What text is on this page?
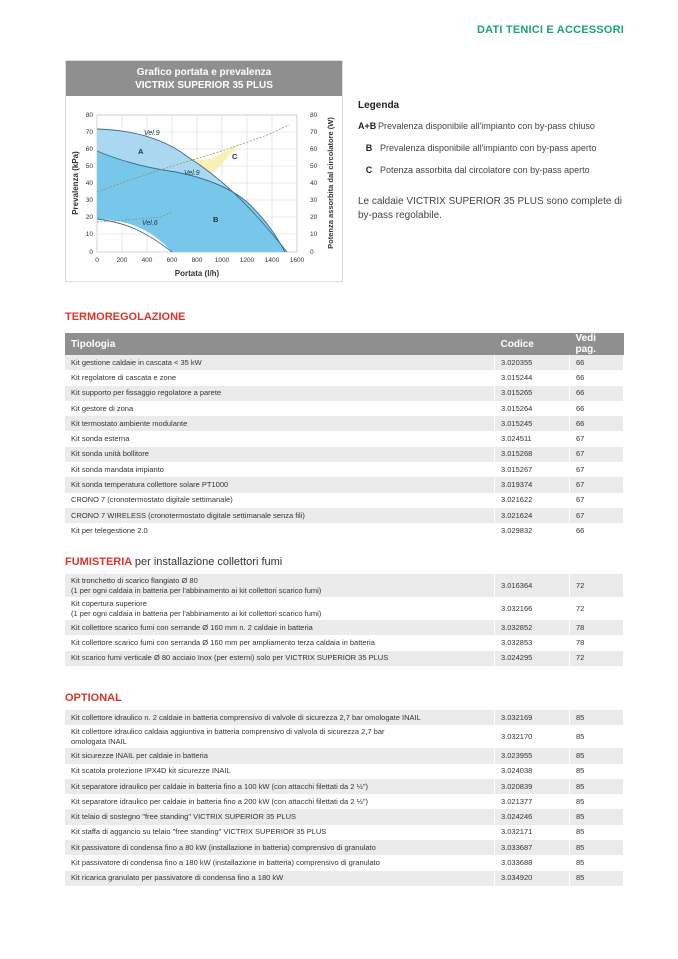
DATI TENICI E ACCESSORI
Grafico portata e prevalenza
VICTRIX SUPERIOR 35 PLUS
Vel.9
Vel.9
Vel.6
A
B
C
80
70
60
50
40
30
20
10
0
80
70
60
50
40
30
20
10
0
0	200 400 600 800 1000 1200 1400 1600
Portata (l/h)
Prevalenza (kPa)	Potenza assorbita dal circolatore (W)
Legenda
A+B Prevalenza disponibile all'impianto con by-pass chiuso
B Prevalenza disponibile all'impianto con by-pass aperto
C Potenza assorbita dal circolatore con by-pass aperto
Le caldaie VICTRIX SUPERIOR 35 PLUS sono complete di by-pass regolabile.
TERMOREGOLAZIONE
Tipologia	Codice	Vedi pag.
Kit gestione caldaie in cascata < 35 kW	3.020355	66
Kit regolatore di cascata e zone	3.015244	66
Kit supporto per fissaggio regolatore a parete	3.015265	66
Kit gestore di zona	3.015264	66
Kit termostato ambiente modulante	3.015245	66
Kit sonda esterna	3.024511	67
Kit sonda unità bollitore	3.015268	67
Kit sonda mandata impianto	3.015267	67
Kit sonda temperatura collettore solare PT1000	3.019374	67
CRONO 7 (cronotermostato digitale settimanale)	3.021622	67
CRONO 7 WIRELESS (cronotermostato digitale settimanale senza fili)	3.021624	67
Kit per telegestione 2.0	3.029832	66
FUMISTERIA per installazione collettori fumi
Kit tronchetto di scarico flangiato Ø 80
(1 per ogni caldaia in batteria per l'abbinamento ai kit collettori scarico fumi)	3.016364	72

Kit copertura superiore
(1 per ogni caldaia in batteria per l'abbinamento ai kit collettori scarico fumi)	3.032166	72
Kit collettore scarico fumi con serrande Ø 160 mm n. 2 caldaie in batteria	3.032852	78
Kit collettore scarico fumi con serranda Ø 160 mm per ampliamento terza caldaia in batteria	3.032853	78
Kit scarico fumi verticale Ø 80 acciaio Inox (per esterni) solo per VICTRIX SUPERIOR 35 PLUS	3.024295	72
OPTIONAL
Kit collettore idraulico n. 2 caldaie in batteria comprensivo di valvole di sicurezza 2,7 bar omologate INAIL	3.032169	85

Kit collettore idraulico caldaia aggiuntiva in batteria comprensivo di valvola di sicurezza 2,7 bar
omologata INAIL	3.032170	85
Kit sicurezze INAIL per caldaie in batteria	3.023955	85
Kit scatola protezione IPX4D kit sicurezze INAIL	3.024038	85
Kit separatore idraulico per caldaie in batteria fino a 100 kW (con attacchi filettati da 2 ½")	3.020839	85
Kit separatore idraulico per caldaie in batteria fino a 200 kW (con attacchi filettati da 2 ½")	3.021377	85
Kit telaio di sostegno "free standing" VICTRIX SUPERIOR 35 PLUS	3.024246	85
Kit staffa di aggancio su telaio "free standing" VICTRIX SUPERIOR 35 PLUS	3.032171	85
Kit passivatore di condensa fino a 80 kW (installazione in batteria) comprensivo di granulato	3.033687	85
Kit passivatore di condensa fino a 180 kW (installazione in batteria) comprensivo di granulato	3.033688	85
Kit ricarica granulato per passivatore di condensa fino a 180 kW	3.034920	85
